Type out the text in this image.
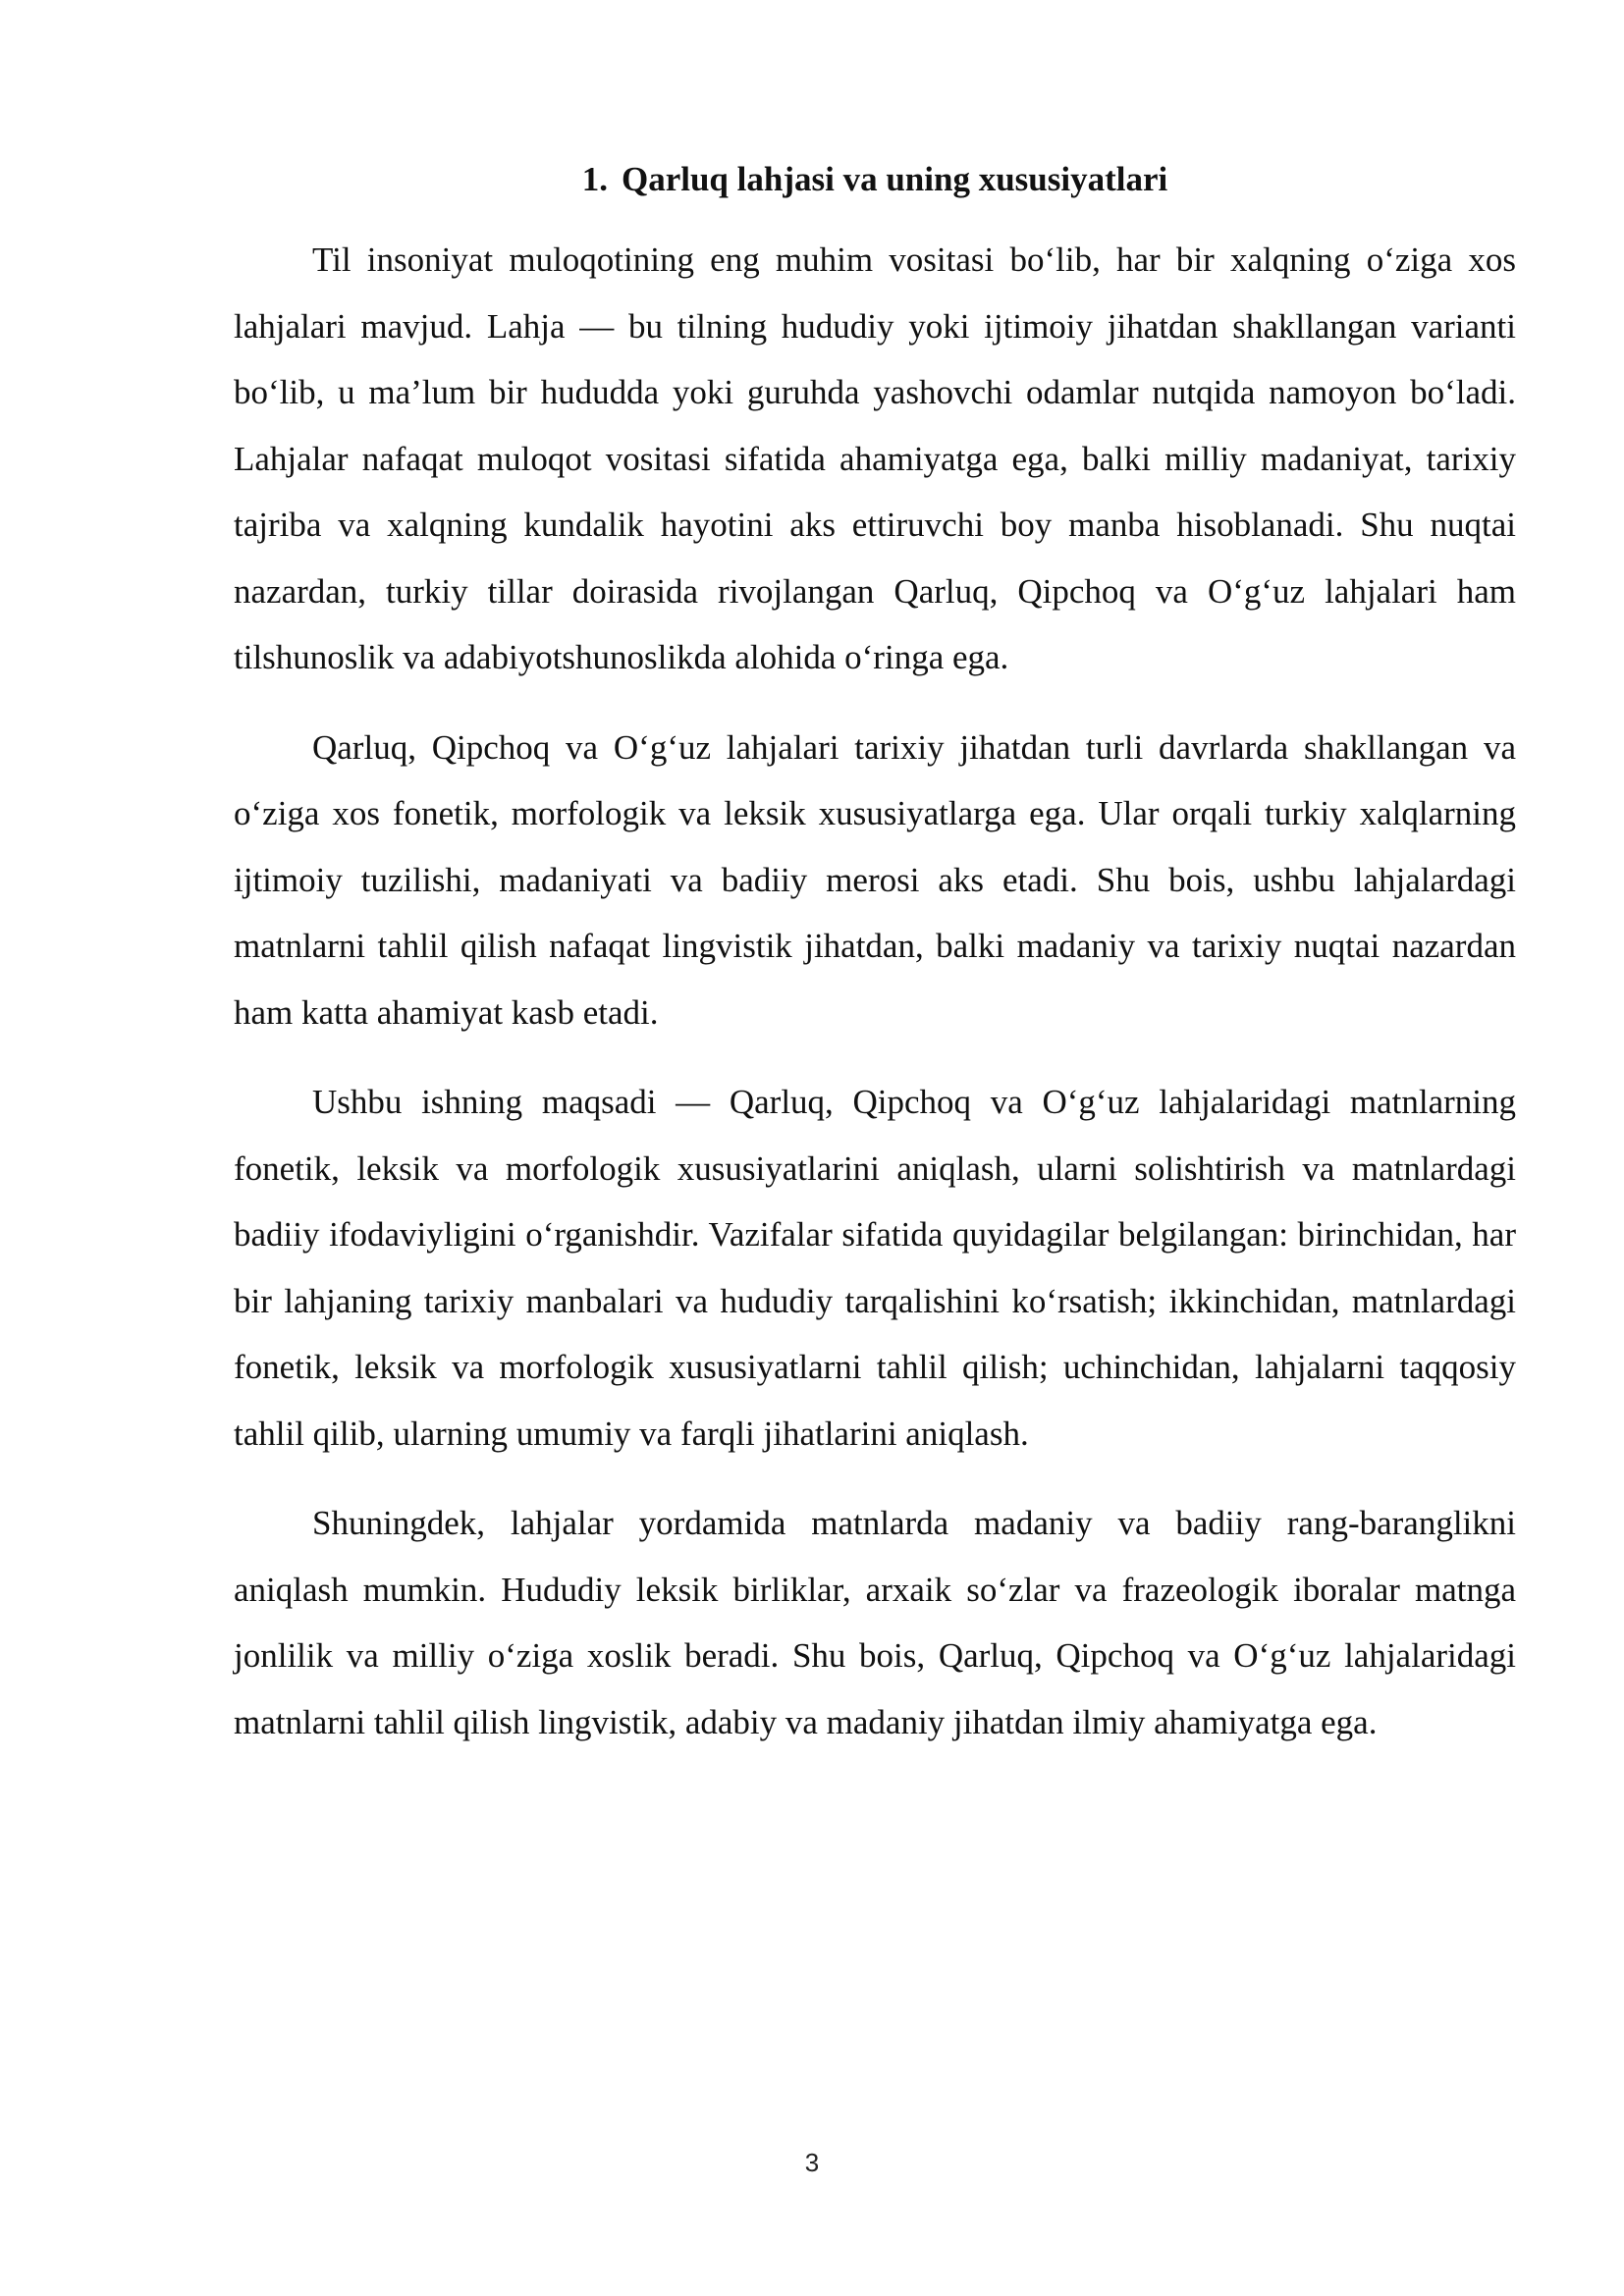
1. Qarluq lahjasi va uning xususiyatlari

Til insoniyat muloqotining eng muhim vositasi bo‘lib, har bir xalqning o‘ziga xos lahjalari mavjud. Lahja — bu tilning hududiy yoki ijtimoiy jihatdan shakllangan varianti bo‘lib, u ma’lum bir hududda yoki guruhda yashovchi odamlar nutqida namoyon bo‘ladi. Lahjalar nafaqat muloqot vositasi sifatida ahamiyatga ega, balki milliy madaniyat, tarixiy tajriba va xalqning kundalik hayotini aks ettiruvchi boy manba hisoblanadi. Shu nuqtai nazardan, turkiy tillar doirasida rivojlangan Qarluq, Qipchoq va O‘g‘uz lahjalari ham tilshunoslik va adabiyotshunoslikda alohida o‘ringa ega.

Qarluq, Qipchoq va O‘g‘uz lahjalari tarixiy jihatdan turli davrlarda shakllangan va o‘ziga xos fonetik, morfologik va leksik xususiyatlarga ega. Ular orqali turkiy xalqlarning ijtimoiy tuzilishi, madaniyati va badiiy merosi aks etadi. Shu bois, ushbu lahjalardagi matnlarni tahlil qilish nafaqat lingvistik jihatdan, balki madaniy va tarixiy nuqtai nazardan ham katta ahamiyat kasb etadi.

Ushbu ishning maqsadi — Qarluq, Qipchoq va O‘g‘uz lahjalaridagi matnlarning fonetik, leksik va morfologik xususiyatlarini aniqlash, ularni solishtirish va matnlardagi badiiy ifodaviyligini o‘rganishdir. Vazifalar sifatida quyidagilar belgilangan: birinchidan, har bir lahjaning tarixiy manbalari va hududiy tarqalishini ko‘rsatish; ikkinchidan, matnlardagi fonetik, leksik va morfologik xususiyatlarni tahlil qilish; uchinchidan, lahjalarni taqqosiy tahlil qilib, ularning umumiy va farqli jihatlarini aniqlash.

Shuningdek, lahjalar yordamida matnlarda madaniy va badiiy rang-baranglikni aniqlash mumkin. Hududiy leksik birliklar, arxaik so‘zlar va frazeologik iboralar matnga jonlilik va milliy o‘ziga xoslik beradi. Shu bois, Qarluq, Qipchoq va O‘g‘uz lahjalaridagi matnlarni tahlil qilish lingvistik, adabiy va madaniy jihatdan ilmiy ahamiyatga ega.

3
